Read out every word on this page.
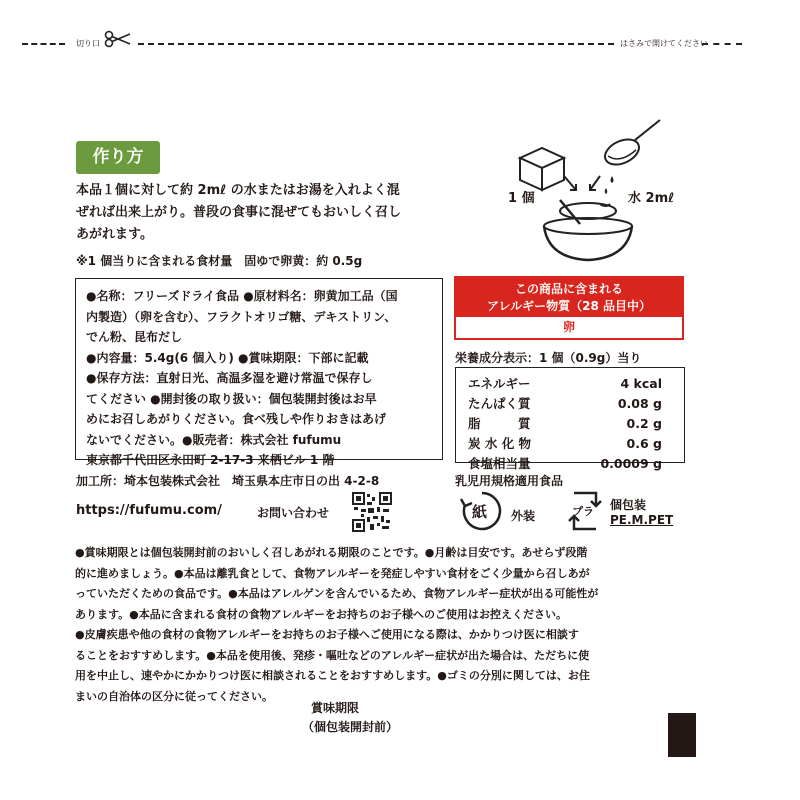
切り口	はさみで開けてください
作り方
本品１個に対して約 2mℓ の水またはお湯を入れよく混
ぜれば出来上がり。普段の食事に混ぜてもおいしく召し
あがれます。
※1 個当りに含まれる食材量　固ゆで卵黄：約 0.5g
1 個	水 2mℓ
●名称：フリーズドライ食品 ●原材料名：卵黄加工品（国
内製造）（卵を含む）、フラクトオリゴ糖、デキストリン、
でん粉、昆布だし
●内容量：5.4g(6 個入り) ●賞味期限：下部に記載
●保存方法：直射日光、高温多湿を避け常温で保存し
てください ●開封後の取り扱い：個包装開封後はお早
めにお召しあがりください。食べ残しや作りおきはあげ
ないでください。●販売者：株式会社 fufumu
東京都千代田区永田町 2-17-3 来栖ビル 1 階
この商品に含まれる
アレルギー物質（28 品目中）
卵
栄養成分表示：1 個（0.9g）当り
エネルギー	4 kcal
たんぱく質	0.08 g
脂　　　質	0.2 g
炭 水 化 物	0.6 g
食塩相当量	0.0009 g
加工所：埼本包装株式会社　埼玉県本庄市日の出 4-2-8	乳児用規格適用食品
https://fufumu.com/	お問い合わせ	紙 外装	プラ 個包装
PE.M.PET
●賞味期限とは個包装開封前のおいしく召しあがれる期限のことです。●月齢は目安です。あせらず段階
的に進めましょう。●本品は離乳食として、食物アレルギーを発症しやすい食材をごく少量から召しあが
っていただくための食品です。●本品はアレルゲンを含んでいるため、食物アレルギー症状が出る可能性が
あります。●本品に含まれる食材の食物アレルギーをお持ちのお子様へのご使用はお控えください。
●皮膚疾患や他の食材の食物アレルギーをお持ちのお子様へご使用になる際は、かかりつけ医に相談す
ることをおすすめします。●本品を使用後、発疹・嘔吐などのアレルギー症状が出た場合は、ただちに使
用を中止し、速やかにかかりつけ医に相談されることをおすすめします。●ゴミの分別に関しては、お住
まいの自治体の区分に従ってください。
賞味期限
（個包装開封前）
